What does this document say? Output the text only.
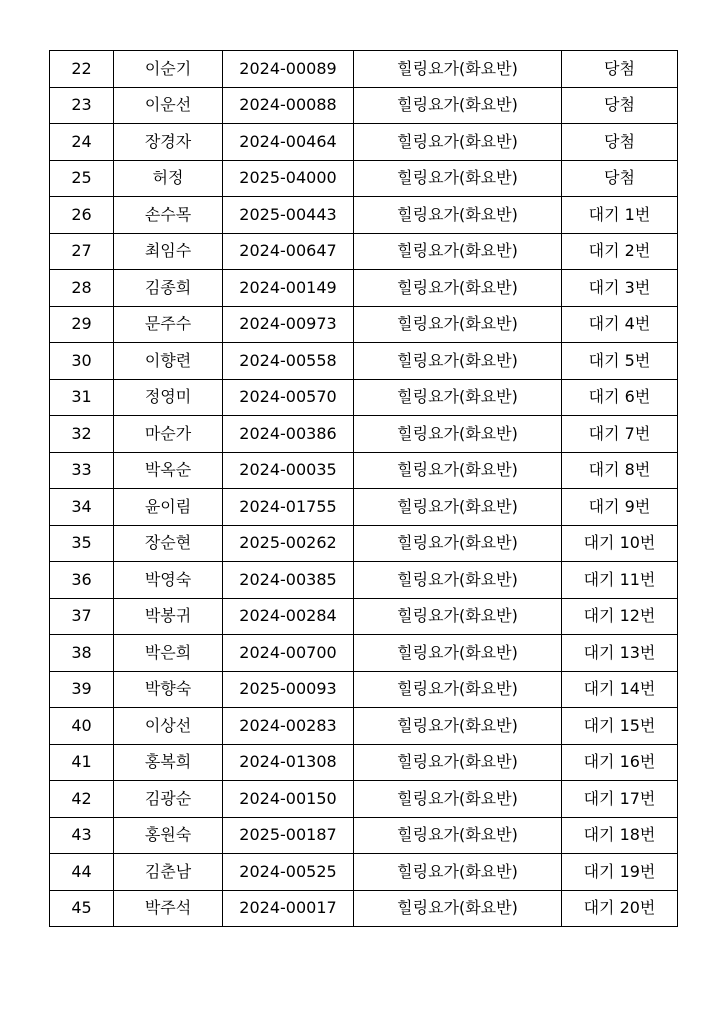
22	이순기	2024-00089	힐링요가(화요반)	당첨
23	이운선	2024-00088	힐링요가(화요반)	당첨
24	장경자	2024-00464	힐링요가(화요반)	당첨
25	허정	2025-04000	힐링요가(화요반)	당첨
26	손수목	2025-00443	힐링요가(화요반)	대기 1번
27	최임수	2024-00647	힐링요가(화요반)	대기 2번
28	김종희	2024-00149	힐링요가(화요반)	대기 3번
29	문주수	2024-00973	힐링요가(화요반)	대기 4번
30	이향련	2024-00558	힐링요가(화요반)	대기 5번
31	정영미	2024-00570	힐링요가(화요반)	대기 6번
32	마순가	2024-00386	힐링요가(화요반)	대기 7번
33	박옥순	2024-00035	힐링요가(화요반)	대기 8번
34	윤이림	2024-01755	힐링요가(화요반)	대기 9번
35	장순현	2025-00262	힐링요가(화요반)	대기 10번
36	박영숙	2024-00385	힐링요가(화요반)	대기 11번
37	박봉귀	2024-00284	힐링요가(화요반)	대기 12번
38	박은희	2024-00700	힐링요가(화요반)	대기 13번
39	박향숙	2025-00093	힐링요가(화요반)	대기 14번
40	이상선	2024-00283	힐링요가(화요반)	대기 15번
41	홍복희	2024-01308	힐링요가(화요반)	대기 16번
42	김광순	2024-00150	힐링요가(화요반)	대기 17번
43	홍원숙	2025-00187	힐링요가(화요반)	대기 18번
44	김춘남	2024-00525	힐링요가(화요반)	대기 19번
45	박주석	2024-00017	힐링요가(화요반)	대기 20번
